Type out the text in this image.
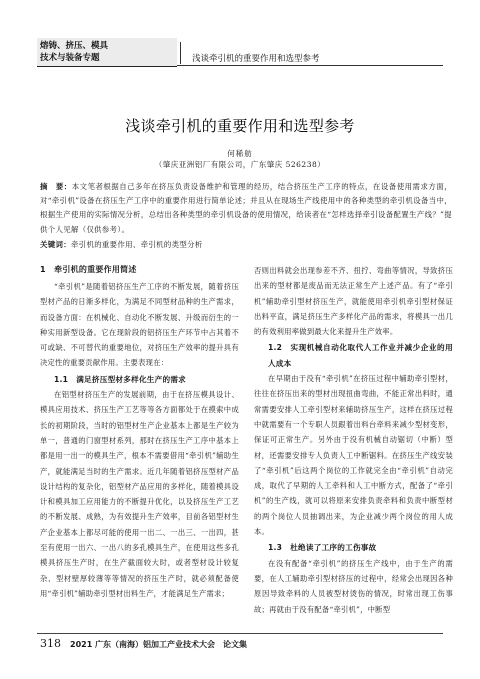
熔铸、挤压、模具
技术与装备专题	浅谈牵引机的重要作用和选型参考
浅谈牵引机的重要作用和选型参考
何稀舫
（肇庆亚洲铝厂有限公司，广东肇庆 526238）
摘　要：本文笔者根据自己多年在挤压负责设备维护和管理的经历，结合挤压生产工序的特点，在设备使用需求方面，对“牵引机”设备在挤压生产工序中的重要作用进行简单论述；并且从在现场生产线使用中的各种类型的牵引机设备当中，根据生产使用的实际情况分析，总结出各种类型的牵引机设备的使用情况，给读者在“怎样选择牵引设备配置生产线？”提供个人见解（仅供参考）。
关键词：牵引机的重要作用、牵引机的类型分析
1　牵引机的重要作用简述

“牵引机”是随着铝挤压生产工序的不断发展，随着挤压型材产品的日渐多样化，为满足不同型材品种的生产需求，而设备方面：在机械化、自动化不断发展、升级而衍生的一种实用新型设备。它在现阶段的铝挤压生产环节中占其着不可或缺、不可替代的重要地位，对挤压生产效率的提升具有决定性的重要贡献作用。主要表现在：

1.1 满足挤压型材多样化生产的需求

在铝型材挤压生产的发展前期，由于在挤压模具设计、模具应用技术、挤压生产工艺等等各方面都处于在摸索中成长的初期阶段，当时的铝型材生产企业基本上都是生产较为单一，普通的门窗型材系列，那时在挤压生产工序中基本上都是用一出一的模具生产，根本不需要借用“牵引机”辅助生产，就能满足当时的生产需求。近几年随着铝挤压型材产品设计结构的复杂化，铝型材产品应用的多样化，随着模具设计和模具加工应用能力的不断提升优化，以及挤压生产工艺的不断发展、成熟，为有效提升生产效率，目前各铝型材生产企业基本上都尽可能的使用一出二、一出三、一出四，甚至有使用一出六、一出八的多孔模具生产，在使用这些多孔模具挤压生产时，在生产截面较大时，或者型材设计较复杂、型材壁厚较薄等等情况的挤压生产时，就必须配备使用“牵引机”辅助牵引型材出料生产，才能满足生产需求；

否则出料就会出现参差不齐、扭拧、弯曲等情况，导致挤压出来的型材都是废品而无法正常生产上述产品。有了“牵引机”辅助牵引型材挤压生产，就能使用牵引机牵引型材保证出料平直，满足挤压生产多样化产品的需求，将模具一出几的有效利用率做到最大化来提升生产效率。

1.2 实现机械自动化取代人工作业并减少企业的用人成本

在早期由于没有“牵引机”在挤压过程中辅助牵引型材，往往在挤压出来的型材出现扭曲弯曲，不能正常出料时，通常需要安排人工牵引型材来辅助挤压生产，这样在挤压过程中就需要有一个专职人员跟着出料台牵料来减少型材变形，保证可正常生产。另外由于没有机械自动锯切（中断）型材，还需要安排专人负责人工中断锯料。在挤压生产线安装了“牵引机”后这两个岗位的工作就完全由“牵引机”自动完成，取代了早期的人工牵料和人工中断方式，配备了“牵引机”的生产线，就可以将原来安排负责牵料和负责中断型材的两个岗位人员抽调出来，为企业减少两个岗位的用人成本。

1.3 杜绝读了工序的工伤事故

在没有配备“牵引机”的挤压生产线中，由于生产的需要，在人工辅助牵引型材挤压的过程中，经常会出现因各种原因导致牵料的人员被型材烫伤的情况，时常出现工伤事故；再就由于没有配备“牵引机”，中断型

318 2021 广东（南海）铝加工产业技术大会　论文集
